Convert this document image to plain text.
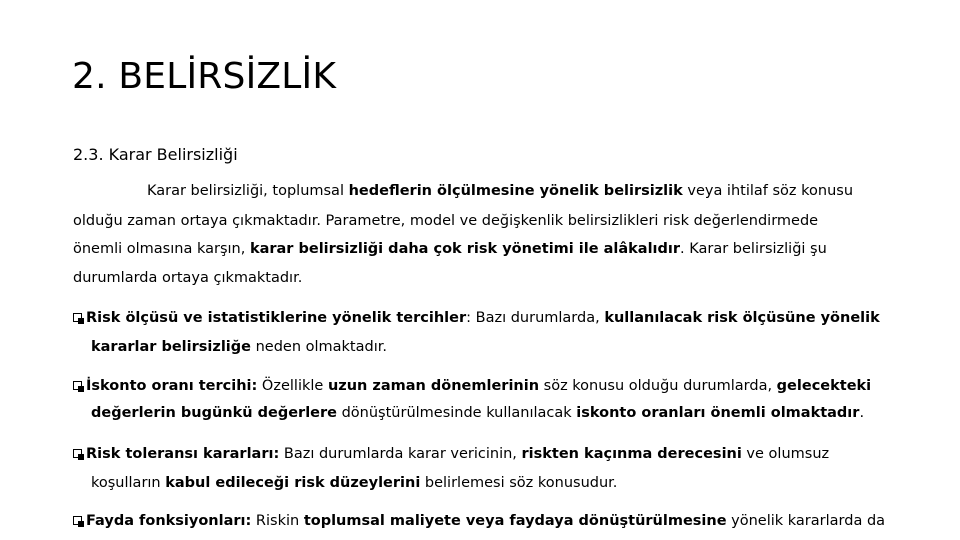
2. BELİRSİZLİK
2.3. Karar Belirsizliği
Karar belirsizliği, toplumsal hedeflerin ölçülmesine yönelik belirsizlik veya ihtilaf söz konusu
olduğu zaman ortaya çıkmaktadır. Parametre, model ve değişkenlik belirsizlikleri risk değerlendirmede
önemli olmasına karşın, karar belirsizliği daha çok risk yönetimi ile alâkalıdır. Karar belirsizliği şu
durumlarda ortaya çıkmaktadır.
Risk ölçüsü ve istatistiklerine yönelik tercihler: Bazı durumlarda, kullanılacak risk ölçüsüne yönelik
kararlar belirsizliğe neden olmaktadır.
İskonto oranı tercihi: Özellikle uzun zaman dönemlerinin söz konusu olduğu durumlarda, gelecekteki
değerlerin bugünkü değerlere dönüştürülmesinde kullanılacak iskonto oranları önemli olmaktadır.
Risk toleransı kararları: Bazı durumlarda karar vericinin, riskten kaçınma derecesini ve olumsuz
koşulların kabul edileceği risk düzeylerini belirlemesi söz konusudur.
Fayda fonksiyonları: Riskin toplumsal maliyete veya faydaya dönüştürülmesine yönelik kararlarda da
